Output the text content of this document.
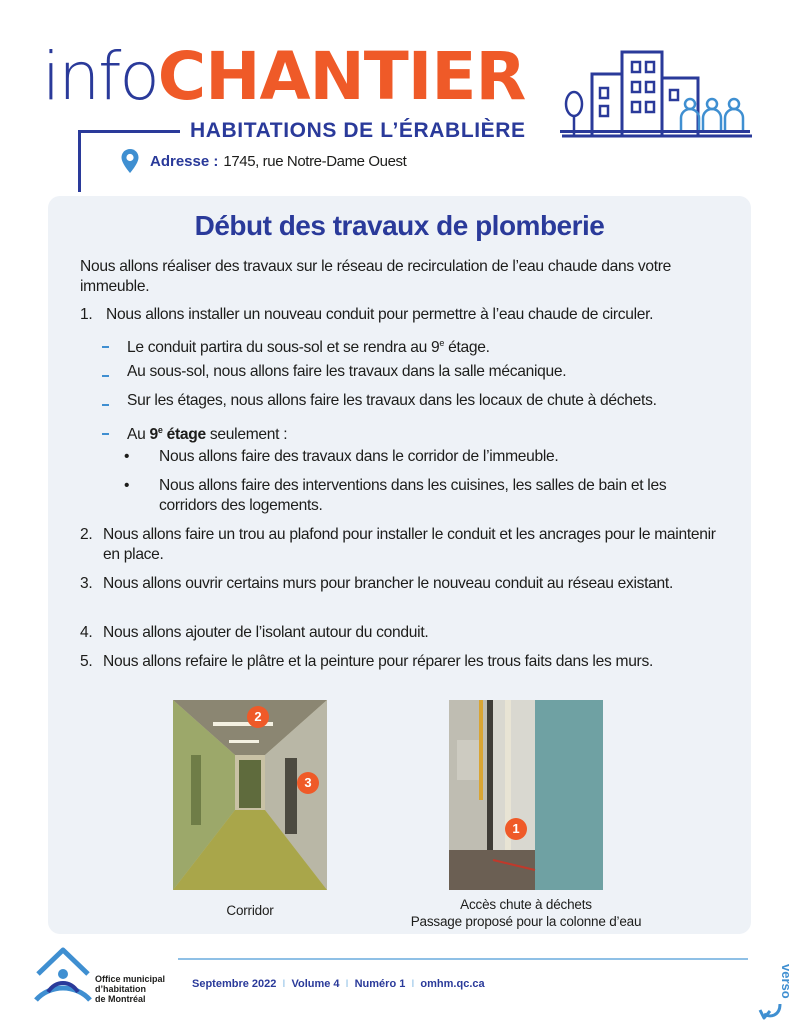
infoCHANTIER
HABITATIONS DE L’ÉRABLIÈRE
Adresse : 1745, rue Notre-Dame Ouest
Début des travaux de plomberie

Nous allons réaliser des travaux sur le réseau de recirculation de l’eau chaude dans votre immeuble.

1. Nous allons installer un nouveau conduit pour permettre à l’eau chaude de circuler.
Le conduit partira du sous-sol et se rendra au 9e étage.
Au sous-sol, nous allons faire les travaux dans la salle mécanique.
Sur les étages, nous allons faire les travaux dans les locaux de chute à déchets.
Au 9e étage seulement :
• Nous allons faire des travaux dans le corridor de l’immeuble.
• Nous allons faire des interventions dans les cuisines, les salles de bain et les corridors des logements.
2. Nous allons faire un trou au plafond pour installer le conduit et les ancrages pour le maintenir en place.
3. Nous allons ouvrir certains murs pour brancher le nouveau conduit au réseau existant.
4. Nous allons ajouter de l’isolant autour du conduit.
5. Nous allons refaire le plâtre et la peinture pour réparer les trous faits dans les murs.
2
3
Corridor
1
Accès chute à déchets
Passage proposé pour la colonne d’eau
Office municipal
d’habitation
de Montréal
Septembre 2022 I Volume 4 I Numéro 1 I omhm.qc.ca	verso
